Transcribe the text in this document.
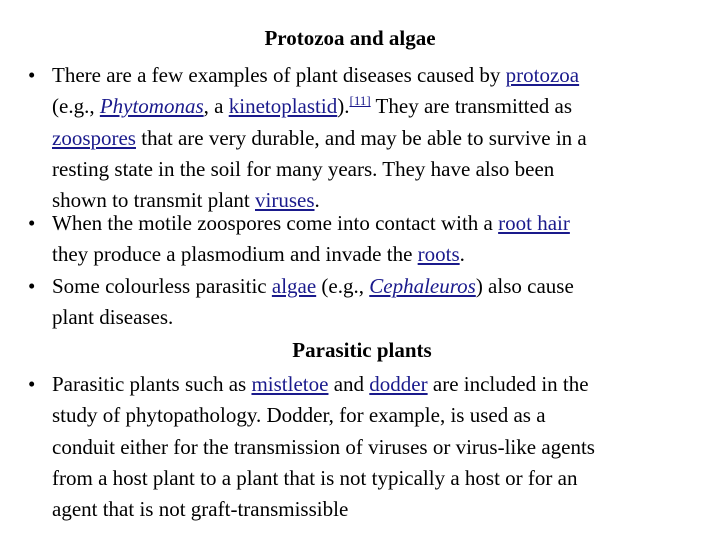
Protozoa and algae
• There are a few examples of plant diseases caused by protozoa
(e.g., Phytomonas, a kinetoplastid).[11] They are transmitted as
zoospores that are very durable, and may be able to survive in a
resting state in the soil for many years. They have also been
shown to transmit plant viruses.
• When the motile zoospores come into contact with a root hair
they produce a plasmodium and invade the roots.
• Some colourless parasitic algae (e.g., Cephaleuros) also cause
plant diseases.
Parasitic plants
• Parasitic plants such as mistletoe and dodder are included in the
study of phytopathology. Dodder, for example, is used as a
conduit either for the transmission of viruses or virus-like agents
from a host plant to a plant that is not typically a host or for an
agent that is not graft-transmissible
